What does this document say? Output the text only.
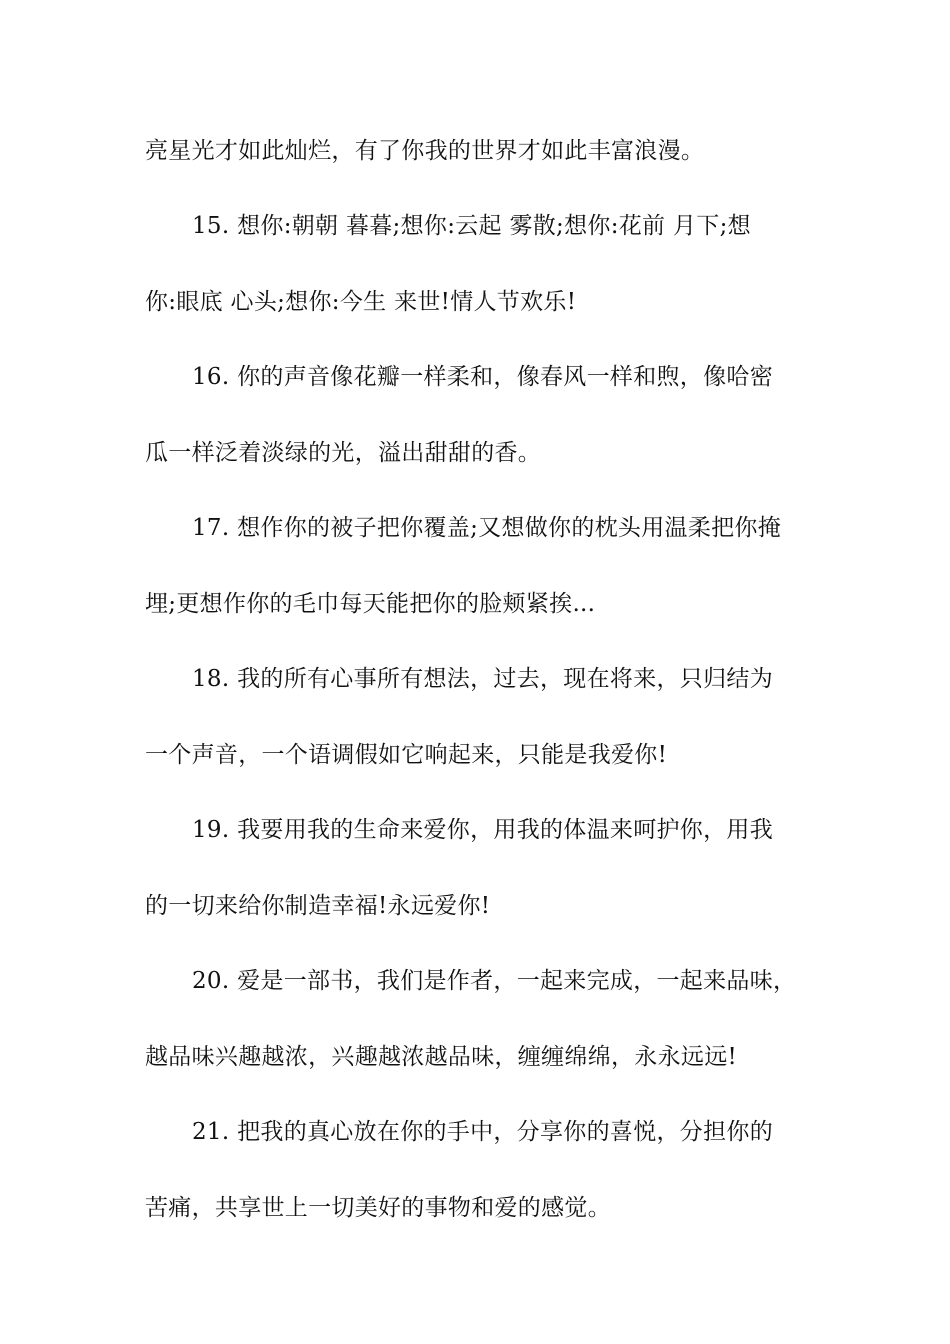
亮星光才如此灿烂，有了你我的世界才如此丰富浪漫。
15. 想你:朝朝 暮暮;想你:云起 雾散;想你:花前 月下;想
你:眼底 心头;想你:今生 来世!情人节欢乐!
16. 你的声音像花瓣一样柔和，像春风一样和煦，像哈密
瓜一样泛着淡绿的光，溢出甜甜的香。
17. 想作你的被子把你覆盖;又想做你的枕头用温柔把你掩
埋;更想作你的毛巾每天能把你的脸颊紧挨...
18. 我的所有心事所有想法，过去，现在将来，只归结为
一个声音，一个语调假如它响起来，只能是我爱你!
19. 我要用我的生命来爱你，用我的体温来呵护你，用我
的一切来给你制造幸福!永远爱你!
20. 爱是一部书，我们是作者，一起来完成，一起来品味，
越品味兴趣越浓，兴趣越浓越品味，缠缠绵绵，永永远远!
21. 把我的真心放在你的手中，分享你的喜悦，分担你的
苦痛，共享世上一切美好的事物和爱的感觉。
